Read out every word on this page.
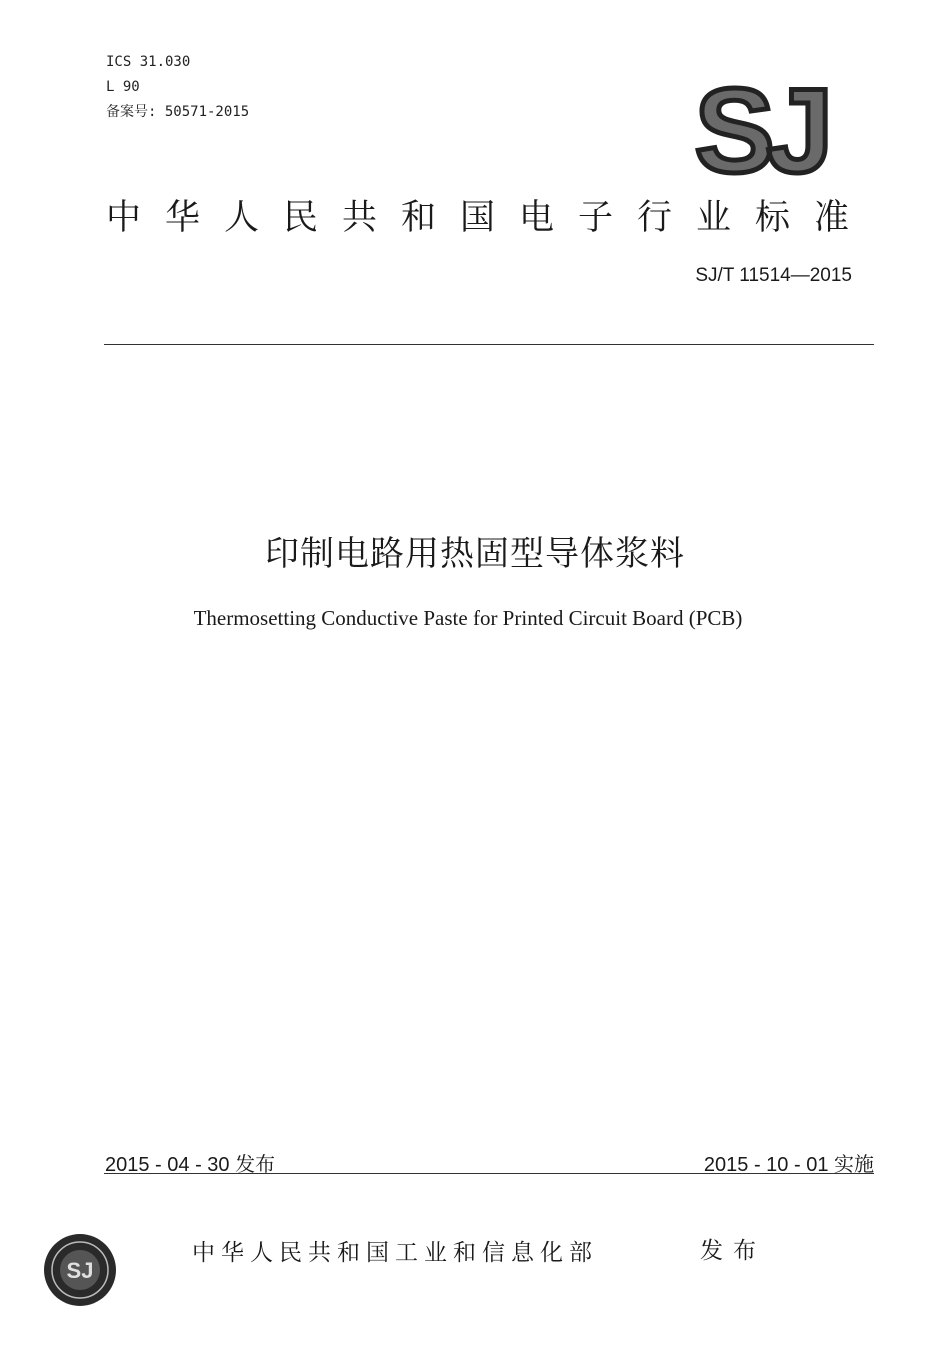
ICS 31.030
L 90
备案号: 50571-2015	SJ
中华人民共和国电子行业标准
SJ/T 11514—2015
印制电路用热固型导体浆料
Thermosetting Conductive Paste for Printed Circuit Board (PCB)
2015 - 04 - 30 发布	2015 - 10 - 01 实施
SJ
中华人民共和国工业和信息化部	发布
